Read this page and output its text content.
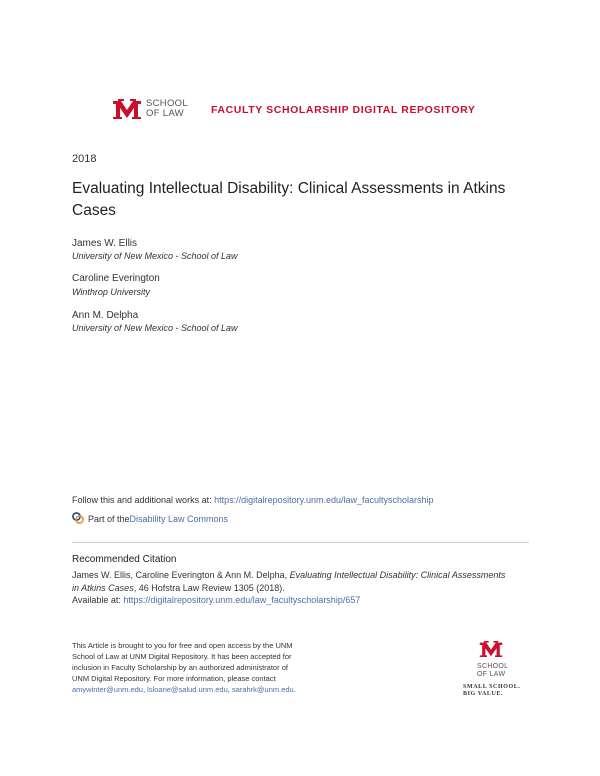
SCHOOL
OF LAW	FACULTY SCHOLARSHIP DIGITAL REPOSITORY
2018
Evaluating Intellectual Disability: Clinical Assessments in Atkins Cases
James W. Ellis
University of New Mexico - School of Law
Caroline Everington
Winthrop University
Ann M. Delpha
University of New Mexico - School of Law
Follow this and additional works at: https://digitalrepository.unm.edu/law_facultyscholarship
Part of the Disability Law Commons
Recommended Citation
James W. Ellis, Caroline Everington & Ann M. Delpha, Evaluating Intellectual Disability: Clinical Assessments in Atkins Cases, 46 Hofstra Law Review 1305 (2018).
Available at: https://digitalrepository.unm.edu/law_facultyscholarship/657
This Article is brought to you for free and open access by the UNM School of Law at UNM Digital Repository. It has been accepted for inclusion in Faculty Scholarship by an authorized administrator of UNM Digital Repository. For more information, please contact amywinter@unm.edu, lsloane@salud.unm.edu, sarahrk@unm.edu.
SCHOOL
OF LAW
SMALL SCHOOL.
BIG VALUE.
